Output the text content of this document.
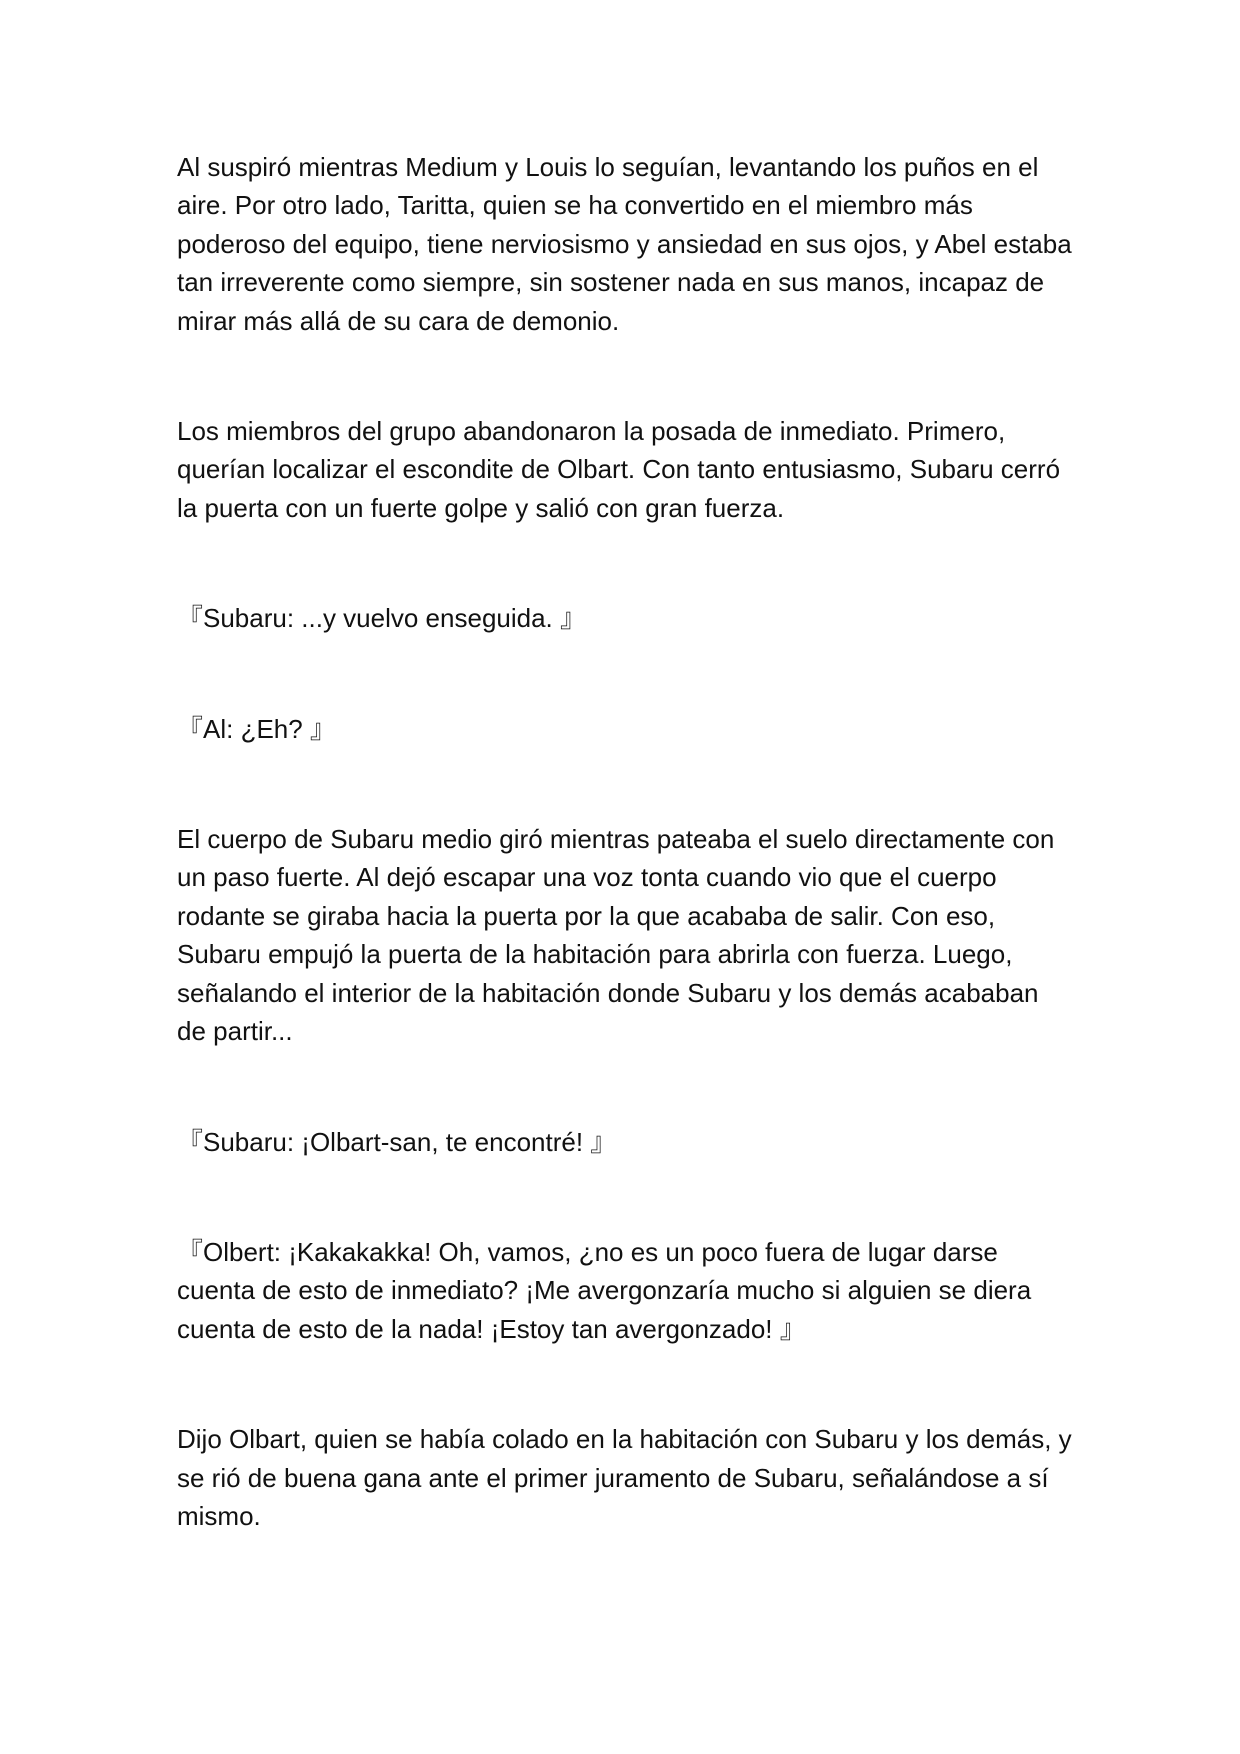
Al suspiró mientras Medium y Louis lo seguían, levantando los puños en el aire. Por otro lado, Taritta, quien se ha convertido en el miembro más poderoso del equipo, tiene nerviosismo y ansiedad en sus ojos, y Abel estaba tan irreverente como siempre, sin sostener nada en sus manos, incapaz de mirar más allá de su cara de demonio.

Los miembros del grupo abandonaron la posada de inmediato. Primero, querían localizar el escondite de Olbart. Con tanto entusiasmo, Subaru cerró la puerta con un fuerte golpe y salió con gran fuerza.

『Subaru: ...y vuelvo enseguida. 』

『Al: ¿Eh? 』

El cuerpo de Subaru medio giró mientras pateaba el suelo directamente con un paso fuerte. Al dejó escapar una voz tonta cuando vio que el cuerpo rodante se giraba hacia la puerta por la que acababa de salir. Con eso, Subaru empujó la puerta de la habitación para abrirla con fuerza. Luego, señalando el interior de la habitación donde Subaru y los demás acababan de partir...

『Subaru: ¡Olbart-san, te encontré! 』

『Olbert: ¡Kakakakka! Oh, vamos, ¿no es un poco fuera de lugar darse cuenta de esto de inmediato? ¡Me avergonzaría mucho si alguien se diera cuenta de esto de la nada! ¡Estoy tan avergonzado! 』

Dijo Olbart, quien se había colado en la habitación con Subaru y los demás, y se rió de buena gana ante el primer juramento de Subaru, señalándose a sí mismo.
